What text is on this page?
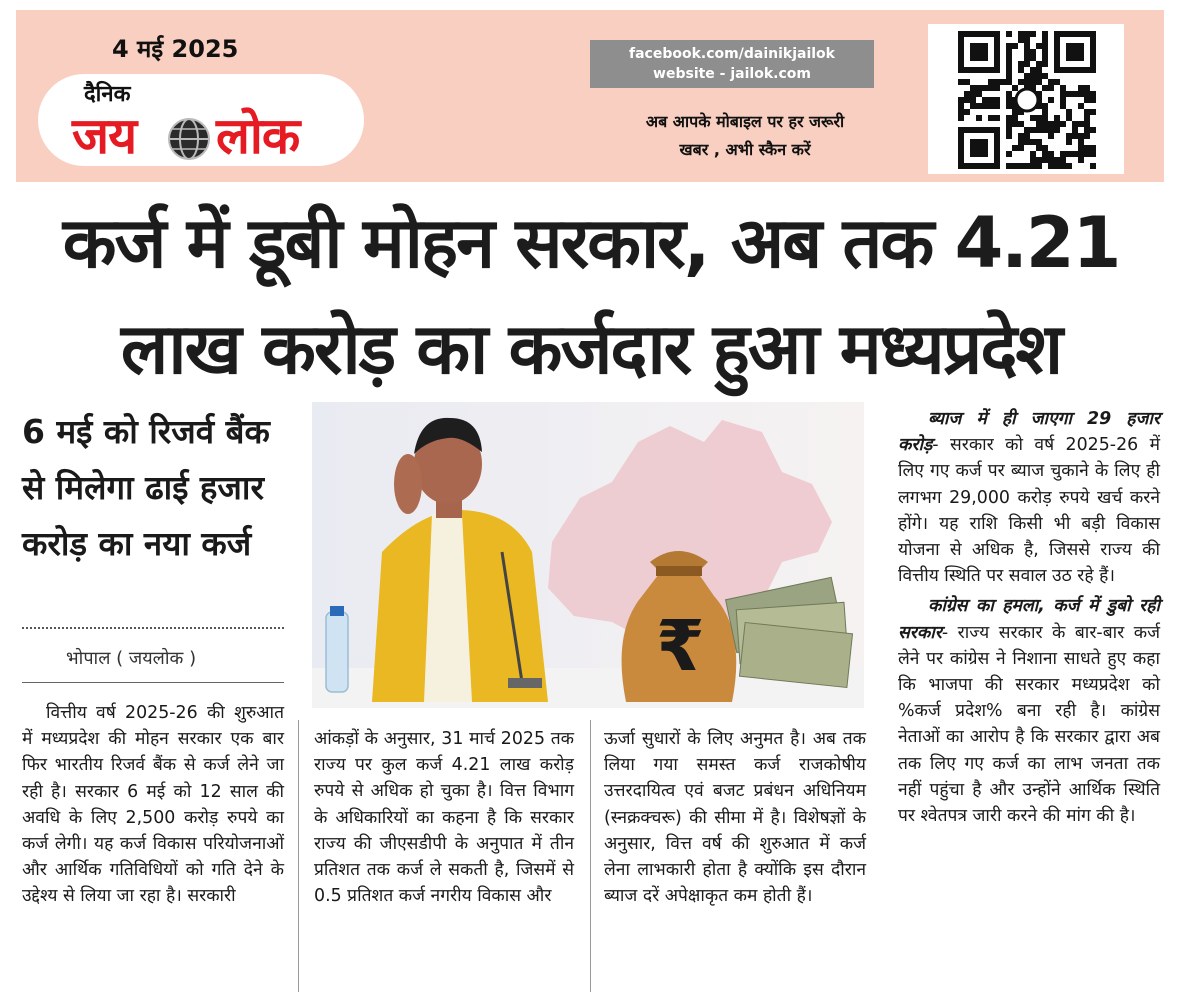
4 मई 2025
दैनिक
जय लोक
facebook.com/dainikjailok
website - jailok.com
अब आपके मोबाइल पर हर जरूरी
खबर , अभी स्कैन करें
कर्ज में डूबी मोहन सरकार, अब तक 4.21
लाख करोड़ का कर्जदार हुआ मध्यप्रदेश
6 मई को रिजर्व बैंक से मिलेगा ढाई हजार करोड़ का नया कर्ज
भोपाल ( जयलोक )	₹
वित्तीय वर्ष 2025-26 की शुरुआत में मध्यप्रदेश की मोहन सरकार एक बार फिर भारतीय रिजर्व बैंक से कर्ज लेने जा रही है। सरकार 6 मई को 12 साल की अवधि के लिए 2,500 करोड़ रुपये का कर्ज लेगी। यह कर्ज विकास परियोजनाओं और आर्थिक गतिविधियों को गति देने के उद्देश्य से लिया जा रहा है। सरकारी
आंकड़ों के अनुसार, 31 मार्च 2025 तक राज्य पर कुल कर्ज 4.21 लाख करोड़ रुपये से अधिक हो चुका है। वित्त विभाग के अधिकारियों का कहना है कि सरकार राज्य की जीएसडीपी के अनुपात में तीन प्रतिशत तक कर्ज ले सकती है, जिसमें से 0.5 प्रतिशत कर्ज नगरीय विकास और
ऊर्जा सुधारों के लिए अनुमत है। अब तक लिया गया समस्त कर्ज राजकोषीय उत्तरदायित्व एवं बजट प्रबंधन अधिनियम (स्नक्रक्चरू) की सीमा में है। विशेषज्ञों के अनुसार, वित्त वर्ष की शुरुआत में कर्ज लेना लाभकारी होता है क्योंकि इस दौरान ब्याज दरें अपेक्षाकृत कम होती हैं।

ब्याज में ही जाएगा 29 हजार करोड़- सरकार को वर्ष 2025-26 में लिए गए कर्ज पर ब्याज चुकाने के लिए ही लगभग 29,000 करोड़ रुपये खर्च करने होंगे। यह राशि किसी भी बड़ी विकास योजना से अधिक है, जिससे राज्य की वित्तीय स्थिति पर सवाल उठ रहे हैं।

कांग्रेस का हमला, कर्ज में डुबो रही सरकार- राज्य सरकार के बार-बार कर्ज लेने पर कांग्रेस ने निशाना साधते हुए कहा कि भाजपा की सरकार मध्यप्रदेश को %कर्ज प्रदेश% बना रही है। कांग्रेस नेताओं का आरोप है कि सरकार द्वारा अब तक लिए गए कर्ज का लाभ जनता तक नहीं पहुंचा है और उन्होंने आर्थिक स्थिति पर श्वेतपत्र जारी करने की मांग की है।
